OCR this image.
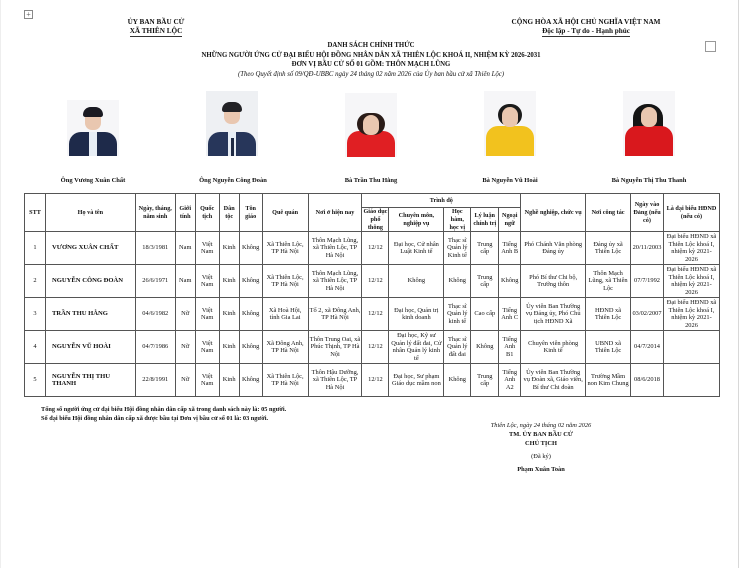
+
ỦY BAN BẦU CỬ
XÃ THIÊN LỘC
CỘNG HÒA XÃ HỘI CHỦ NGHĨA VIỆT NAM
Độc lập - Tự do - Hạnh phúc
DANH SÁCH CHÍNH THỨC
NHỮNG NGƯỜI ỨNG CỬ ĐẠI BIỂU HỘI ĐỒNG NHÂN DÂN XÃ THIÊN LỘC KHOÁ II, NHIỆM KỲ 2026-2031
ĐƠN VỊ BẦU CỬ SỐ 01 GỒM: THÔN MẠCH LŨNG
(Theo Quyết định số 09/QĐ-UBBC ngày 24 tháng 02 năm 2026 của Ủy ban bầu cử xã Thiên Lộc)
Ông Vương Xuân Chất	Ông Nguyễn Công Đoàn	Bà Trần Thu Hằng	Bà Nguyễn Vũ Hoài	Bà Nguyễn Thị Thu Thanh
STT	Họ và tên	Ngày, tháng, năm sinh	Giới tính	Quốc tịch	Dân tộc	Tôn giáo	Quê quán	Nơi ở hiện nay	Trình độ					Nghề nghiệp, chức vụ	Nơi công tác	Ngày vào Đảng (nếu có)	Là đại biểu HĐND (nếu có)
									Giáo dục phổ thông	Chuyên môn, nghiệp vụ	Học hàm, học vị	Lý luận chính trị	Ngoại ngữ				
1	VƯƠNG XUÂN CHẤT	18/3/1981	Nam	Việt Nam	Kinh	Không	Xã Thiên Lộc, TP Hà Nội	Thôn Mạch Lũng, xã Thiên Lộc, TP Hà Nội	12/12	Đại học, Cử nhân Luật Kinh tế	Thạc sĩ Quản lý Kinh tế	Trung cấp	Tiếng Anh B	Phó Chánh Văn phòng Đảng ủy	Đảng ủy xã Thiên Lộc	20/11/2003	Đại biểu HĐND xã Thiên Lộc khoá I, nhiệm kỳ 2021-2026
2	NGUYỄN CÔNG ĐOÀN	26/6/1971	Nam	Việt Nam	Kinh	Không	Xã Thiên Lộc, TP Hà Nội	Thôn Mạch Lũng, xã Thiên Lộc, TP Hà Nội	12/12	Không	Không	Trung cấp	Không	Phó Bí thư Chi bộ, Trưởng thôn	Thôn Mạch Lũng, xã Thiên Lộc	07/7/1992	Đại biểu HĐND xã Thiên Lộc khoá I, nhiệm kỳ 2021-2026
3	TRẦN THU HẰNG	04/6/1982	Nữ	Việt Nam	Kinh	Không	Xã Hoà Hội, tỉnh Gia Lai	Tổ 2, xã Đông Anh, TP Hà Nội	12/12	Đại học, Quản trị kinh doanh	Thạc sĩ Quản lý kinh tế	Cao cấp	Tiếng Anh C	Ủy viên Ban Thường vụ Đảng ủy, Phó Chủ tịch HĐND Xã	HĐND xã Thiên Lộc	03/02/2007	Đại biểu HĐND xã Thiên Lộc khoá I, nhiệm kỳ 2021-2026
4	NGUYỄN VŨ HOÀI	04/7/1986	Nữ	Việt Nam	Kinh	Không	Xã Đông Anh, TP Hà Nội	Thôn Trung Oai, xã Phúc Thịnh, TP Hà Nội	12/12	Đại học, Kỹ sư Quản lý đất đai, Cử nhân Quản lý kinh tế	Thạc sĩ Quản lý đất đai	Không	Tiếng Anh B1	Chuyên viên phòng Kinh tế	UBND xã Thiên Lộc	04/7/2014	
5	NGUYỄN THỊ THU THANH	22/8/1991	Nữ	Việt Nam	Kinh	Không	Xã Thiên Lộc, TP Hà Nội	Thôn Hậu Dưỡng, xã Thiên Lộc, TP Hà Nội	12/12	Đại học, Sư phạm Giáo dục mầm non	Không	Trung cấp	Tiếng Anh A2	Ủy viên Ban Thường vụ Đoàn xã, Giáo viên, Bí thư Chi đoàn	Trường Mầm non Kim Chung	08/6/2018	
Tổng số người ứng cử đại biểu Hội đồng nhân dân cấp xã trong danh sách này là: 05 người.
Số đại biểu Hội đồng nhân dân cấp xã được bầu tại Đơn vị bầu cử số 01 là: 03 người.
Thiên Lộc, ngày 24 tháng 02 năm 2026
TM. ỦY BAN BẦU CỬ
CHỦ TỊCH
(Đã ký)
Phạm Xuân Toàn
